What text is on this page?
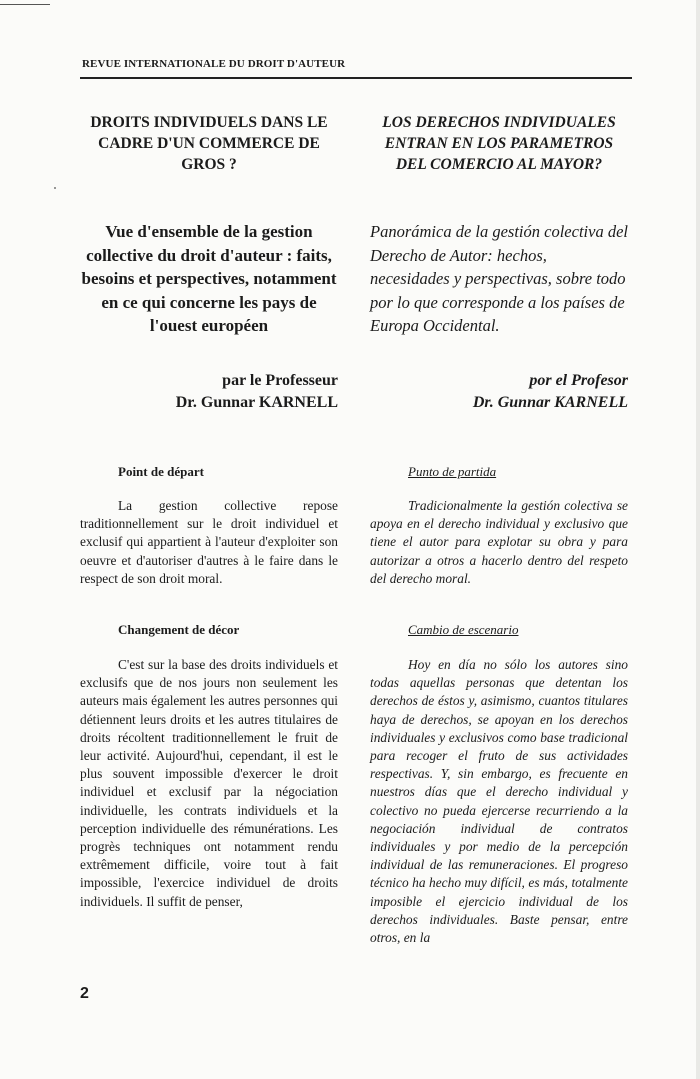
REVUE INTERNATIONALE DU DROIT D'AUTEUR
DROITS INDIVIDUELS DANS LE CADRE D'UN COMMERCE DE GROS ?
Vue d'ensemble de la gestion collective du droit d'auteur : faits, besoins et perspectives, notamment en ce qui concerne les pays de l'ouest européen
par le Professeur
Dr. Gunnar KARNELL
Point de départ

La gestion collective repose traditionnellement sur le droit individuel et exclusif qui appartient à l'auteur d'exploiter son oeuvre et d'autoriser d'autres à le faire dans le respect de son droit moral.

Changement de décor

C'est sur la base des droits individuels et exclusifs que de nos jours non seulement les auteurs mais également les autres personnes qui détiennent leurs droits et les autres titulaires de droits récoltent traditionnellement le fruit de leur activité. Aujourd'hui, cependant, il est le plus souvent impossible d'exercer le droit individuel et exclusif par la négociation individuelle, les contrats individuels et la perception individuelle des rémunérations. Les progrès techniques ont notamment rendu extrêmement difficile, voire tout à fait impossible, l'exercice individuel de droits individuels. Il suffit de penser,

LOS DERECHOS INDIVIDUALES ENTRAN EN LOS PARAMETROS DEL COMERCIO AL MAYOR?
Panorámica de la gestión colectiva del Derecho de Autor: hechos, necesidades y perspectivas, sobre todo por lo que corresponde a los países de Europa Occidental.
por el Profesor
Dr. Gunnar KARNELL
Punto de partida

Tradicionalmente la gestión colectiva se apoya en el derecho individual y exclusivo que tiene el autor para explotar su obra y para autorizar a otros a hacerlo dentro del respeto del derecho moral.

Cambio de escenario

Hoy en día no sólo los autores sino todas aquellas personas que detentan los derechos de éstos y, asimismo, cuantos titulares haya de derechos, se apoyan en los derechos individuales y exclusivos como base tradicional para recoger el fruto de sus actividades respectivas. Y, sin embargo, es frecuente en nuestros días que el derecho individual y colectivo no pueda ejercerse recurriendo a la negociación individual de contratos individuales y por medio de la percepción individual de las remuneraciones. El progreso técnico ha hecho muy difícil, es más, totalmente imposible el ejercicio individual de los derechos individuales. Baste pensar, entre otros, en la

2
